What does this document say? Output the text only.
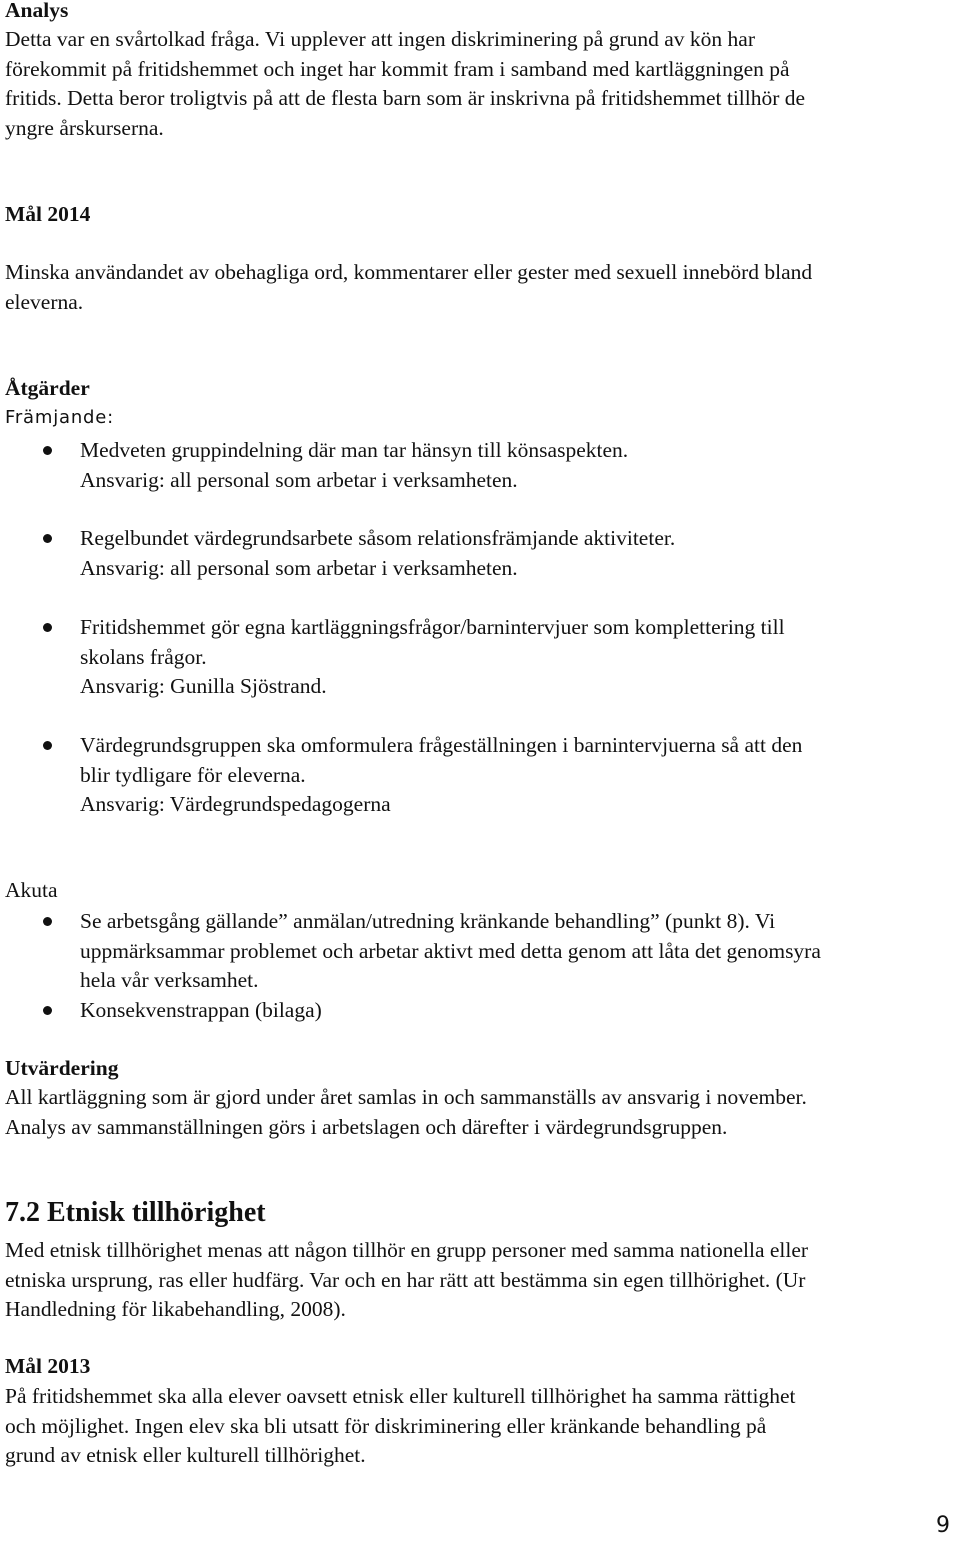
Analys
Detta var en svårtolkad fråga. Vi upplever att ingen diskriminering på grund av kön har
förekommit på fritidshemmet och inget har kommit fram i samband med kartläggningen på
fritids. Detta beror troligtvis på att de flesta barn som är inskrivna på fritidshemmet tillhör de
yngre årskurserna.
Mål 2014
Minska användandet av obehagliga ord, kommentarer eller gester med sexuell innebörd bland
eleverna.
Åtgärder
Främjande:
Medveten gruppindelning där man tar hänsyn till könsaspekten.
Ansvarig: all personal som arbetar i verksamheten.
Regelbundet värdegrundsarbete såsom relationsfrämjande aktiviteter.
Ansvarig: all personal som arbetar i verksamheten.
Fritidshemmet gör egna kartläggningsfrågor/barnintervjuer som komplettering till
skolans frågor.
Ansvarig: Gunilla Sjöstrand.
Värdegrundsgruppen ska omformulera frågeställningen i barnintervjuerna så att den
blir tydligare för eleverna.
Ansvarig: Värdegrundspedagogerna
Akuta
Se arbetsgång gällande” anmälan/utredning kränkande behandling” (punkt 8). Vi
uppmärksammar problemet och arbetar aktivt med detta genom att låta det genomsyra
hela vår verksamhet.
Konsekvenstrappan (bilaga)
Utvärdering
All kartläggning som är gjord under året samlas in och sammanställs av ansvarig i november.
Analys av sammanställningen görs i arbetslagen och därefter i värdegrundsgruppen.
7.2 Etnisk tillhörighet
Med etnisk tillhörighet menas att någon tillhör en grupp personer med samma nationella eller
etniska ursprung, ras eller hudfärg. Var och en har rätt att bestämma sin egen tillhörighet. (Ur
Handledning för likabehandling, 2008).
Mål 2013
På fritidshemmet ska alla elever oavsett etnisk eller kulturell tillhörighet ha samma rättighet
och möjlighet. Ingen elev ska bli utsatt för diskriminering eller kränkande behandling på
grund av etnisk eller kulturell tillhörighet.
9
